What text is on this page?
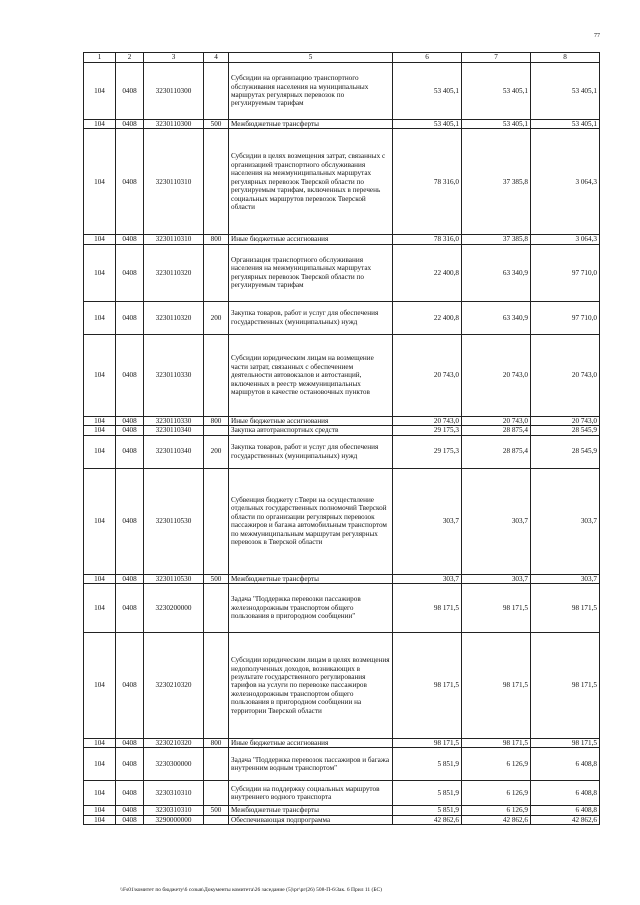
77
1	2	3	4	5	6	7	8
104	0408	3230110300		Субсидии на организацию транспортного обслуживания населения на муниципальных маршрутах регулярных перевозок по регулируемым тарифам	53 405,1	53 405,1	53 405,1
104	0408	3230110300	500	Межбюджетные трансферты	53 405,1	53 405,1	53 405,1
104	0408	3230110310		Субсидии в целях возмещения затрат, связанных с организацией транспортного обслуживания населения на межмуниципальных маршрутах регулярных перевозок Тверской области по регулируемым тарифам, включенных в перечень социальных маршрутов перевозок Тверской области	78 316,0	37 385,8	3 064,3
104	0408	3230110310	800	Иные бюджетные ассигнования	78 316,0	37 385,8	3 064,3
104	0408	3230110320		Организация транспортного обслуживания населения на межмуниципальных маршрутах регулярных перевозок Тверской области по регулируемым тарифам	22 400,8	63 340,9	97 710,0
104	0408	3230110320	200	Закупка товаров, работ и услуг для обеспечения государственных (муниципальных) нужд	22 400,8	63 340,9	97 710,0
104	0408	3230110330		Субсидии юридическим лицам на возмещение части затрат, связанных с обеспечением деятельности автовокзалов и автостанций, включенных в реестр межмуниципальных маршрутов в качестве остановочных пунктов	20 743,0	20 743,0	20 743,0
104	0408	3230110330	800	Иные бюджетные ассигнования	20 743,0	20 743,0	20 743,0
104	0408	3230110340		Закупка автотранспортных средств	29 175,3	28 875,4	28 545,9
104	0408	3230110340	200	Закупка товаров, работ и услуг для обеспечения государственных (муниципальных) нужд	29 175,3	28 875,4	28 545,9
104	0408	3230110530		Субвенция бюджету г.Твери на осуществление отдельных государственных полномочий Тверской области по организации регулярных перевозок пассажиров и багажа автомобильным транспортом по межмуниципальным маршрутам регулярных перевозок в Тверской области	303,7	303,7	303,7
104	0408	3230110530	500	Межбюджетные трансферты	303,7	303,7	303,7
104	0408	3230200000		Задача "Поддержка перевозки пассажиров железнодорожным транспортом общего пользования в пригородном сообщении"	98 171,5	98 171,5	98 171,5
104	0408	3230210320		Субсидии юридическим лицам в целях возмещения недополученных доходов, возникающих в результате государственного регулирования тарифов на услуги по перевозке пассажиров железнодорожным транспортом общего пользования в пригородном сообщении на территории Тверской области	98 171,5	98 171,5	98 171,5
104	0408	3230210320	800	Иные бюджетные ассигнования	98 171,5	98 171,5	98 171,5
104	0408	3230300000		Задача "Поддержка перевозок пассажиров и багажа внутренним водным транспортом"	5 851,9	6 126,9	6 408,8
104	0408	3230310310		Субсидии на поддержку социальных маршрутов внутреннего водного транспорта	5 851,9	6 126,9	6 408,8
104	0408	3230310310	500	Межбюджетные трансферты	5 851,9	6 126,9	6 408,8
104	0408	3290000000		Обеспечивающая подпрограмма	42 862,6	42 862,6	42 862,6
\\Fs01\комитет по бюджету\6 созыв\Документы комитета\26 заседание (5)\рг\рг(26) 508-П-6\Зак. 6 Прил 11 (БС)
